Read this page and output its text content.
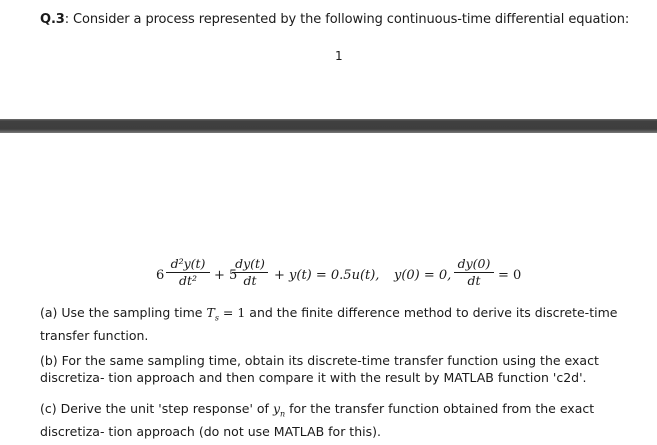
Q.3: Consider a process represented by the following continuous-time differential equation:
1
$6 \frac{\text{d²y(t)}}{\text{dt²}} + 5$
$\frac{dy(t)}{dt} + y(t) = 0.5u(t)$, y(0) = 0, $\frac{dy(0)}{dt} = 0$
(a) Use the sampling time $T_s = 1$ and the finite difference method to derive its discrete-time transfer function.
(b) For the same sampling time, obtain its discrete-time transfer function using the exact discretiza- tion approach and then compare it with the result by MATLAB function 'c2d'.
(c) Derive the unit 'step response' of $y_n$ for the transfer function obtained from the exact discretiza- tion approach (do not use MATLAB for this).
